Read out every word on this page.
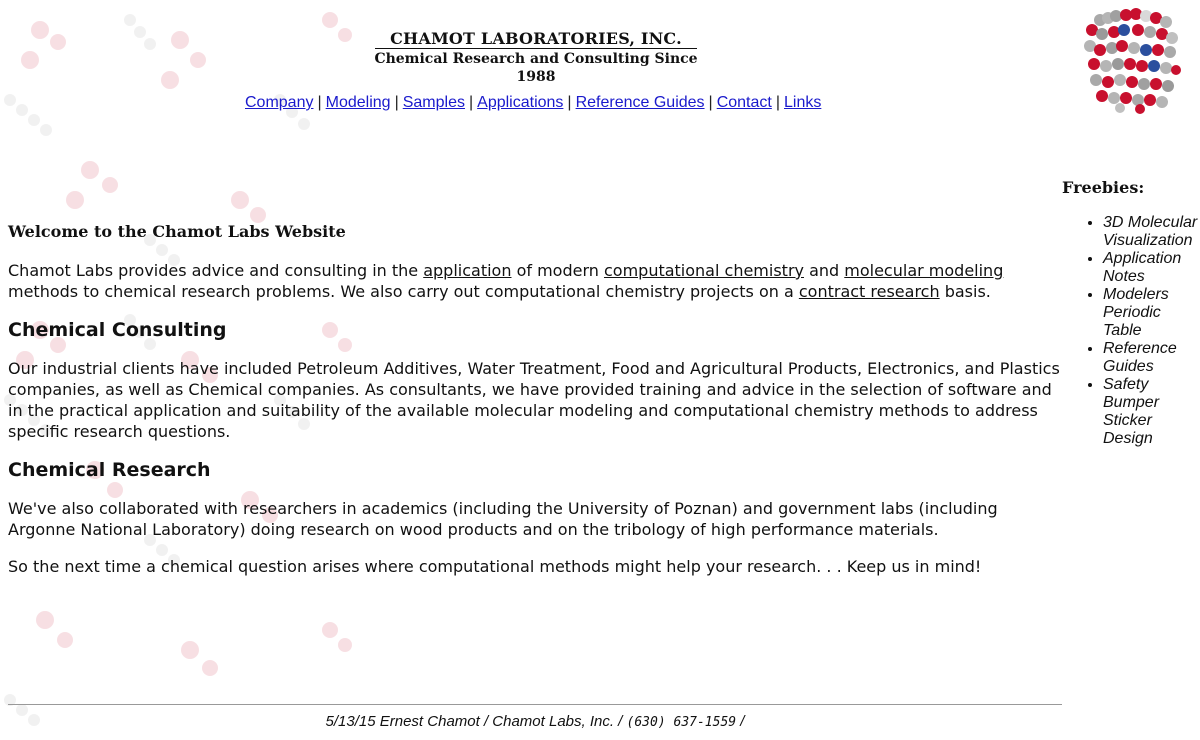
CHAMOT LABORATORIES, INC.
Chemical Research and Consulting Since 1988
Company | Modeling | Samples | Applications | Reference Guides | Contact | Links
Welcome to the Chamot Labs Website

Chamot Labs provides advice and consulting in the application of modern computational chemistry and molecular modeling methods to chemical research problems. We also carry out computational chemistry projects on a contract research basis.

Chemical Consulting

Our industrial clients have included Petroleum Additives, Water Treatment, Food and Agricultural Products, Electronics, and Plastics companies, as well as Chemical companies. As consultants, we have provided training and advice in the selection of software and in the practical application and suitability of the available molecular modeling and computational chemistry methods to address specific research questions.

Chemical Research

We've also collaborated with researchers in academics (including the University of Poznan) and government labs (including Argonne National Laboratory) doing research on wood products and on the tribology of high performance materials.

So the next time a chemical question arises where computational methods might help your research. . . Keep us in mind!

Freebies:
• 3D Molecular Visualization
• Application Notes
• Modelers Periodic Table
• Reference Guides
• Safety Bumper Sticker Design
5/13/15 Ernest Chamot / Chamot Labs, Inc. / (630) 637-1559 /
